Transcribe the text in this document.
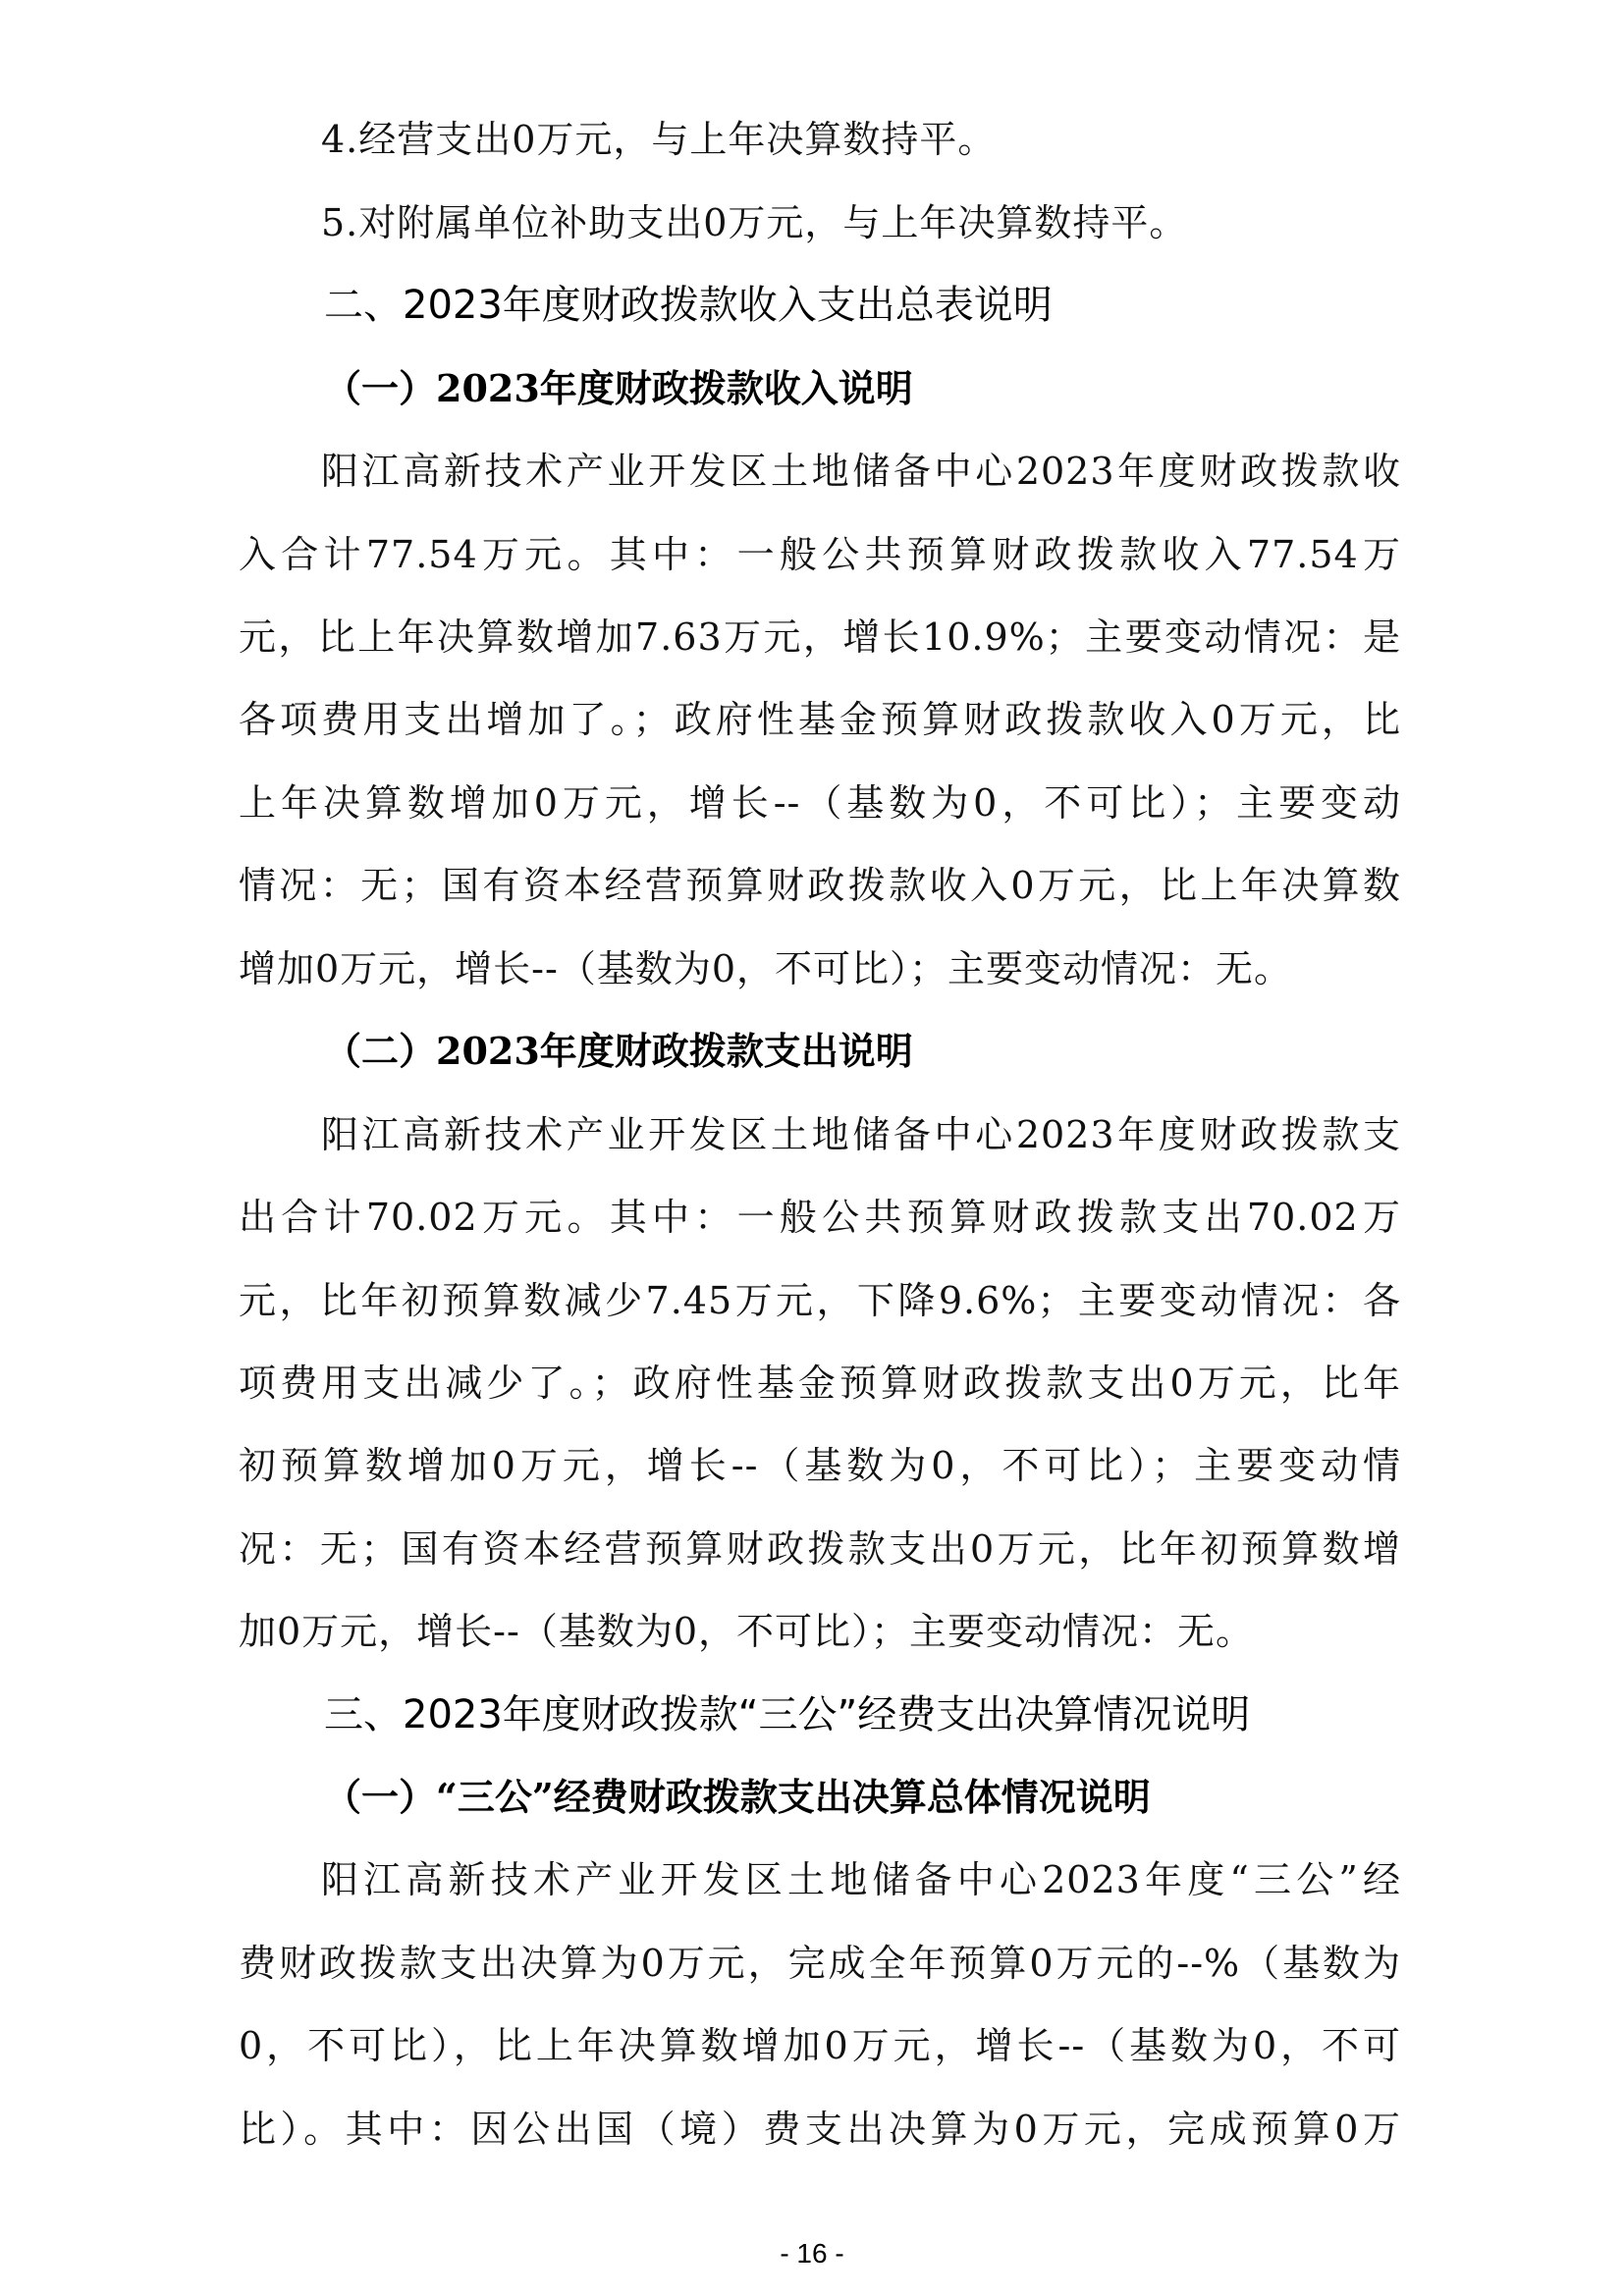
4.经营支出0万元，与上年决算数持平。
5.对附属单位补助支出0万元，与上年决算数持平。
二、2023年度财政拨款收入支出总表说明
（一）2023年度财政拨款收入说明
阳江高新技术产业开发区土地储备中心2023年度财政拨款收
入合计77.54万元。其中：一般公共预算财政拨款收入77.54万
元，比上年决算数增加7.63万元，增长10.9%；主要变动情况：是
各项费用支出增加了。；政府性基金预算财政拨款收入0万元，比
上年决算数增加0万元，增长--（基数为0，不可比）；主要变动
情况：无；国有资本经营预算财政拨款收入0万元，比上年决算数
增加0万元，增长--（基数为0，不可比）；主要变动情况：无。
（二）2023年度财政拨款支出说明
阳江高新技术产业开发区土地储备中心2023年度财政拨款支
出合计70.02万元。其中：一般公共预算财政拨款支出70.02万
元，比年初预算数减少7.45万元，下降9.6%；主要变动情况：各
项费用支出减少了。；政府性基金预算财政拨款支出0万元，比年
初预算数增加0万元，增长--（基数为0，不可比）；主要变动情
况：无；国有资本经营预算财政拨款支出0万元，比年初预算数增
加0万元，增长--（基数为0，不可比）；主要变动情况：无。
三、2023年度财政拨款“三公”经费支出决算情况说明
（一）“三公”经费财政拨款支出决算总体情况说明
阳江高新技术产业开发区土地储备中心2023年度“三公”经
费财政拨款支出决算为0万元，完成全年预算0万元的--%（基数为
0，不可比），比上年决算数增加0万元，增长--（基数为0，不可
比）。其中：因公出国（境）费支出决算为0万元，完成预算0万
- 16 -
